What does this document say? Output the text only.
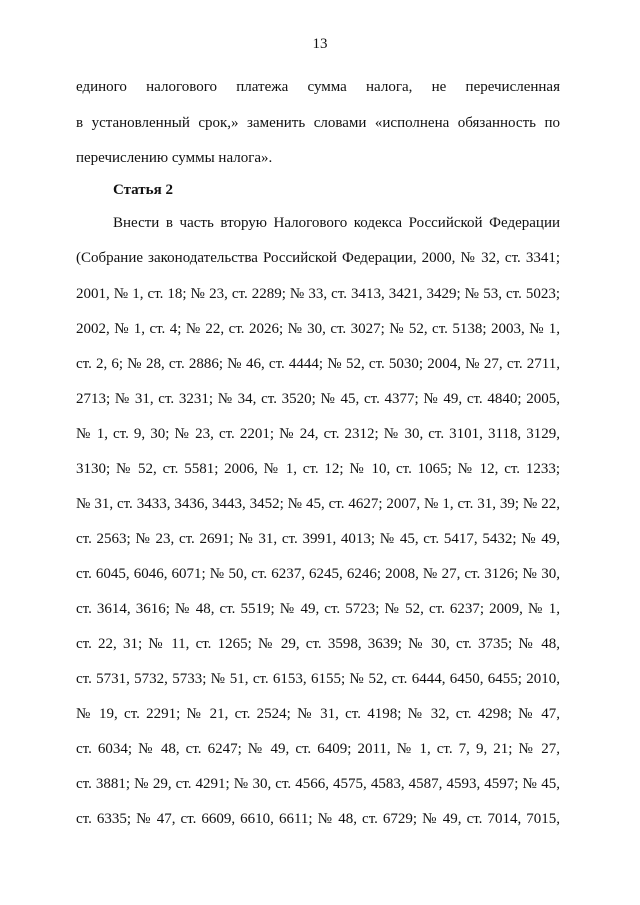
13
единого налогового платежа сумма налога, не перечисленная
в установленный срок,» заменить словами «исполнена обязанность по
перечислению суммы налога».
Статья 2
Внести в часть вторую Налогового кодекса Российской Федерации
(Собрание законодательства Российской Федерации, 2000, № 32, ст. 3341;
2001, № 1, ст. 18; № 23, ст. 2289; № 33, ст. 3413, 3421, 3429; № 53, ст. 5023;
2002, № 1, ст. 4; № 22, ст. 2026; № 30, ст. 3027; № 52, ст. 5138; 2003, № 1,
ст. 2, 6; № 28, ст. 2886; № 46, ст. 4444; № 52, ст. 5030; 2004, № 27, ст. 2711,
2713; № 31, ст. 3231; № 34, ст. 3520; № 45, ст. 4377; № 49, ст. 4840; 2005,
№ 1, ст. 9, 30; № 23, ст. 2201; № 24, ст. 2312; № 30, ст. 3101, 3118, 3129,
3130; № 52, ст. 5581; 2006, № 1, ст. 12; № 10, ст. 1065; № 12, ст. 1233;
№ 31, ст. 3433, 3436, 3443, 3452; № 45, ст. 4627; 2007, № 1, ст. 31, 39; № 22,
ст. 2563; № 23, ст. 2691; № 31, ст. 3991, 4013; № 45, ст. 5417, 5432; № 49,
ст. 6045, 6046, 6071; № 50, ст. 6237, 6245, 6246; 2008, № 27, ст. 3126; № 30,
ст. 3614, 3616; № 48, ст. 5519; № 49, ст. 5723; № 52, ст. 6237; 2009, № 1,
ст. 22, 31; № 11, ст. 1265; № 29, ст. 3598, 3639; № 30, ст. 3735; № 48,
ст. 5731, 5732, 5733; № 51, ст. 6153, 6155; № 52, ст. 6444, 6450, 6455; 2010,
№ 19, ст. 2291; № 21, ст. 2524; № 31, ст. 4198; № 32, ст. 4298; № 47,
ст. 6034; № 48, ст. 6247; № 49, ст. 6409; 2011, № 1, ст. 7, 9, 21; № 27,
ст. 3881; № 29, ст. 4291; № 30, ст. 4566, 4575, 4583, 4587, 4593, 4597; № 45,
ст. 6335; № 47, ст. 6609, 6610, 6611; № 48, ст. 6729; № 49, ст. 7014, 7015,
